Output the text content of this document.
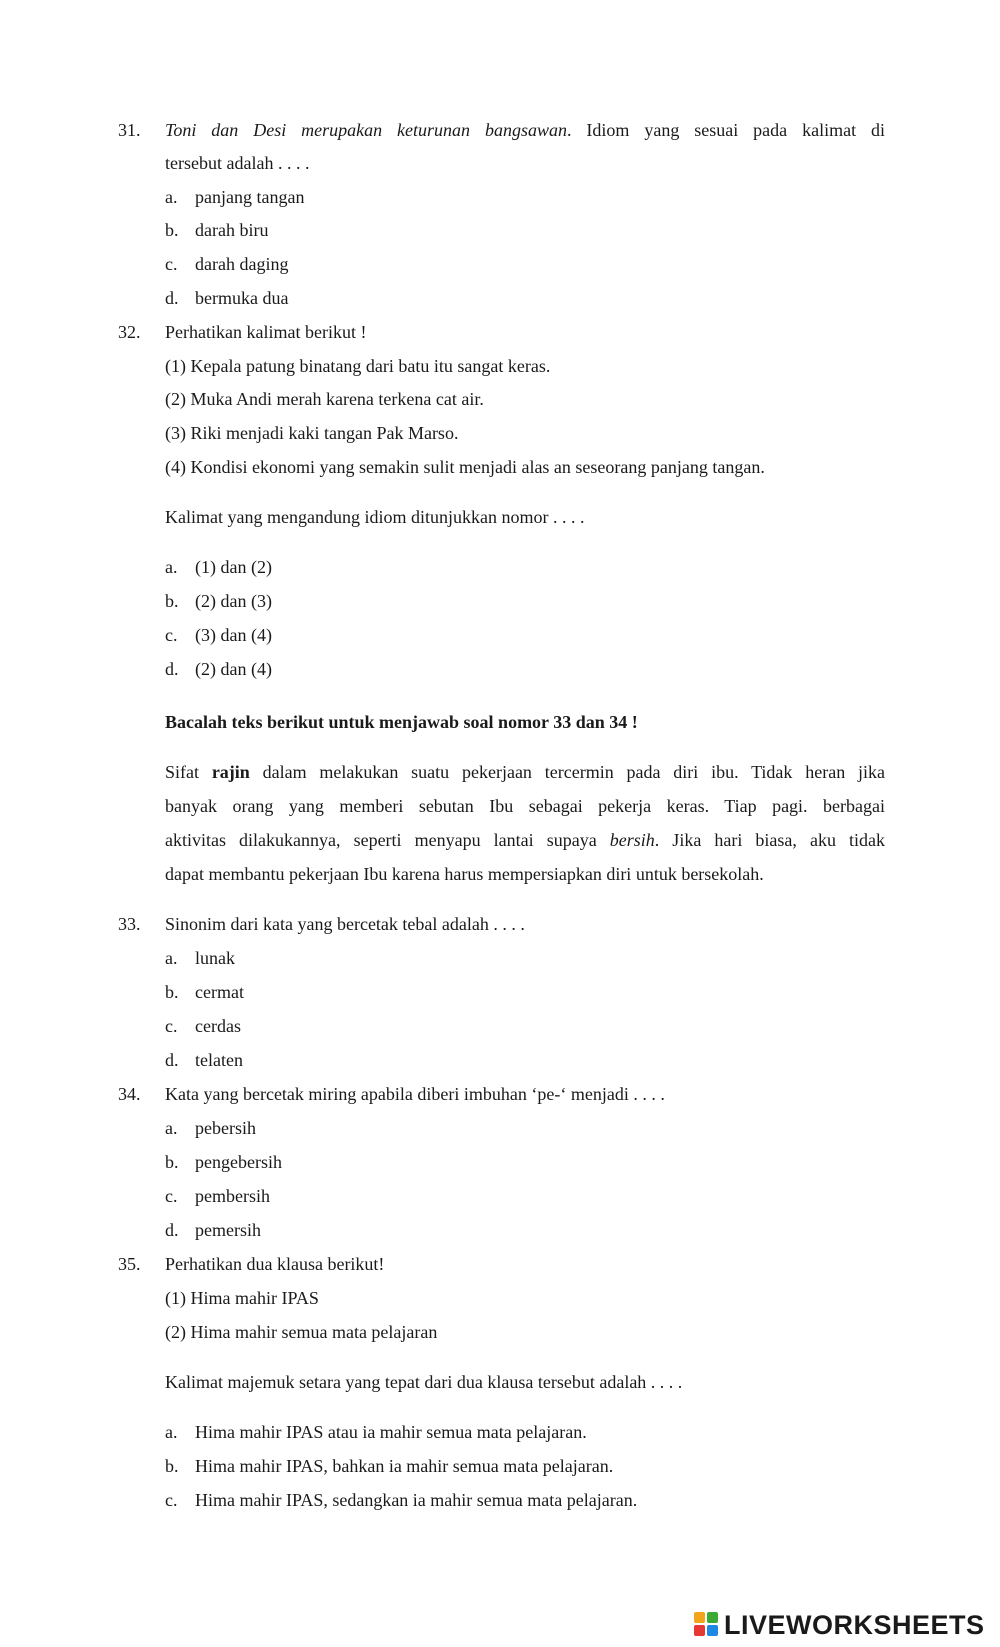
31. Toni dan Desi merupakan keturunan bangsawan. Idiom yang sesuai pada kalimat di
tersebut adalah . . . .
a. panjang tangan
b. darah biru
c. darah daging
d. bermuka dua
32. Perhatikan kalimat berikut !
(1) Kepala patung binatang dari batu itu sangat keras.
(2) Muka Andi merah karena terkena cat air.
(3) Riki menjadi kaki tangan Pak Marso.
(4) Kondisi ekonomi yang semakin sulit menjadi alas an seseorang panjang tangan.
Kalimat yang mengandung idiom ditunjukkan nomor . . . .
a. (1) dan (2)
b. (2) dan (3)
c. (3) dan (4)
d. (2) dan (4)
Bacalah teks berikut untuk menjawab soal nomor 33 dan 34 !
Sifat rajin dalam melakukan suatu pekerjaan tercermin pada diri ibu. Tidak heran jika
banyak orang yang memberi sebutan Ibu sebagai pekerja keras. Tiap pagi. berbagai
aktivitas dilakukannya, seperti menyapu lantai supaya bersih. Jika hari biasa, aku tidak
dapat membantu pekerjaan Ibu karena harus mempersiapkan diri untuk bersekolah.
33. Sinonim dari kata yang bercetak tebal adalah . . . .
a. lunak
b. cermat
c. cerdas
d. telaten
34. Kata yang bercetak miring apabila diberi imbuhan ‘pe-‘ menjadi . . . .
a. pebersih
b. pengebersih
c. pembersih
d. pemersih
35. Perhatikan dua klausa berikut!
(1) Hima mahir IPAS
(2) Hima mahir semua mata pelajaran
Kalimat majemuk setara yang tepat dari dua klausa tersebut adalah . . . .
a. Hima mahir IPAS atau ia mahir semua mata pelajaran.
b. Hima mahir IPAS, bahkan ia mahir semua mata pelajaran.
c. Hima mahir IPAS, sedangkan ia mahir semua mata pelajaran.
LIVEWORKSHEETS
